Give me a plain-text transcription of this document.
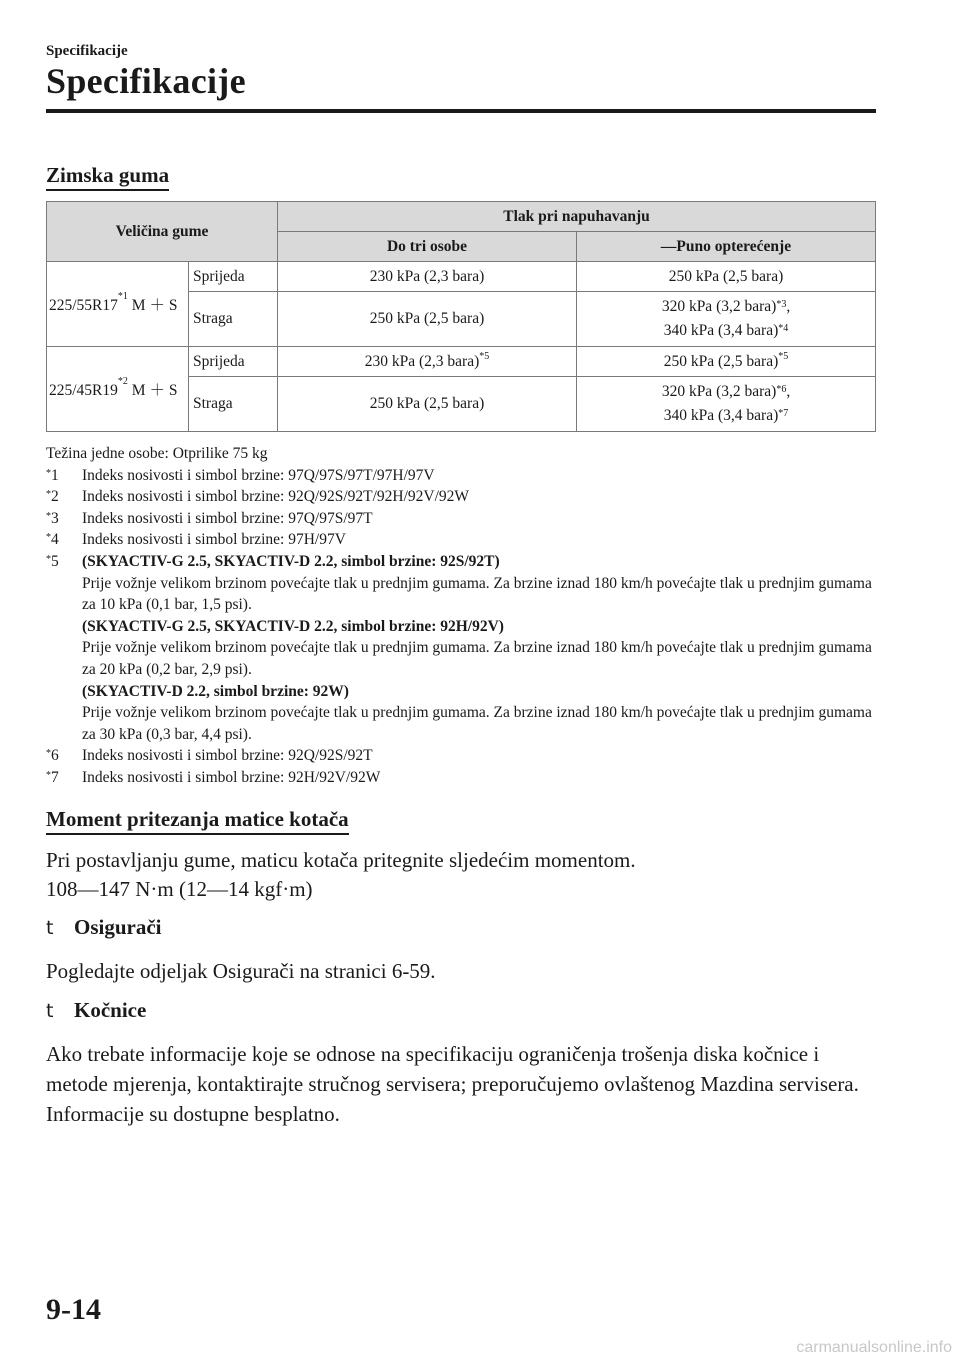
Specifikacije
Specifikacije
Zimska guma
Veličina gume		Tlak pri napuhavanju	
		Do tri osobe	―Puno opterećenje
225/55R17$^{*1}$ M ＋ S	Sprijeda	230 kPa (2,3 bara)	250 kPa (2,5 bara)
	Straga	250 kPa (2,5 bara)	320 kPa (3,2 bara)$^{*3}$,
340 kPa (3,4 bara)$^{*4}$
225/45R19$^{*2}$ M ＋ S	Sprijeda	230 kPa (2,3 bara)$^{*5}$	250 kPa (2,5 bara)$^{*5}$
	Straga	250 kPa (2,5 bara)	320 kPa (3,2 bara)$^{*6}$,
340 kPa (3,4 bara)$^{*7}$
Težina jedne osobe: Otprilike 75 kg
*1	Indeks nosivosti i simbol brzine: 97Q/97S/97T/97H/97V
*2	Indeks nosivosti i simbol brzine: 92Q/92S/92T/92H/92V/92W
*3	Indeks nosivosti i simbol brzine: 97Q/97S/97T
*4	Indeks nosivosti i simbol brzine: 97H/97V
*5	(SKYACTIV-G 2.5, SKYACTIV-D 2.2, simbol brzine: 92S/92T)
Prije vožnje velikom brzinom povećajte tlak u prednjim gumama. Za brzine iznad 180 km/h povećajte tlak u prednjim gumama za 10 kPa (0,1 bar, 1,5 psi).
(SKYACTIV-G 2.5, SKYACTIV-D 2.2, simbol brzine: 92H/92V)
Prije vožnje velikom brzinom povećajte tlak u prednjim gumama. Za brzine iznad 180 km/h povećajte tlak u prednjim gumama za 20 kPa (0,2 bar, 2,9 psi).
(SKYACTIV-D 2.2, simbol brzine: 92W)
Prije vožnje velikom brzinom povećajte tlak u prednjim gumama. Za brzine iznad 180 km/h povećajte tlak u prednjim gumama za 30 kPa (0,3 bar, 4,4 psi).
*6	Indeks nosivosti i simbol brzine: 92Q/92S/92T
*7	Indeks nosivosti i simbol brzine: 92H/92V/92W
Moment pritezanja matice kotača
Pri postavljanju gume, maticu kotača pritegnite sljedećim momentom.
108―147 N·m (12―14 kgf·m)
t Osigurači
Pogledajte odjeljak Osigurači na stranici 6-59.
t Kočnice
Ako trebate informacije koje se odnose na specifikaciju ograničenja trošenja diska kočnice i metode mjerenja, kontaktirajte stručnog servisera; preporučujemo ovlaštenog Mazdina servisera. Informacije su dostupne besplatno.
9-14
carmanualsonline.info
